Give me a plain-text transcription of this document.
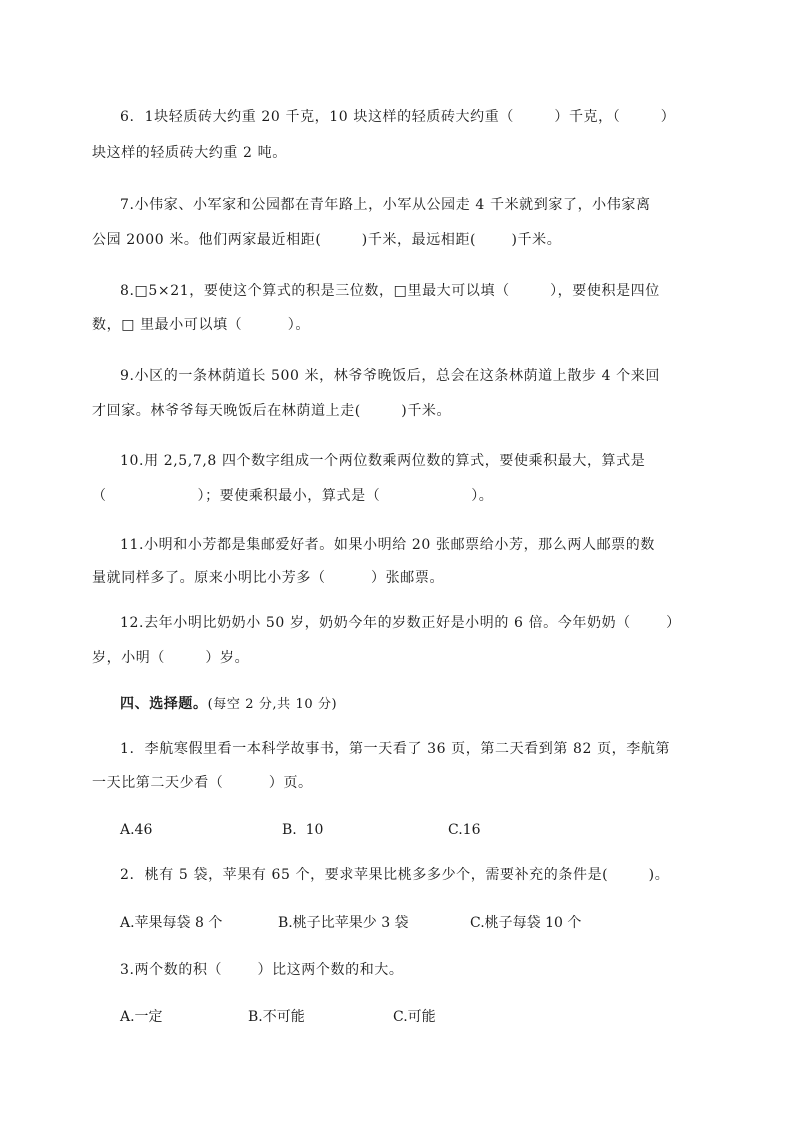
6.  1块轻质砖大约重 20 千克，10 块这样的轻质砖大约重（        ）千克，（        ）
块这样的轻质砖大约重 2 吨。
7.小伟家、小军家和公园都在青年路上，小军从公园走 4 千米就到家了，小伟家离
公园 2000 米。他们两家最近相距(        )千米，最远相距(       )千米。
8.□5×21，要使这个算式的积是三位数，□里最大可以填（        ），要使积是四位
数，□ 里最小可以填（         ）。
9.小区的一条林荫道长 500 米，林爷爷晚饭后，总会在这条林荫道上散步 4 个来回
才回家。林爷爷每天晚饭后在林荫道上走(        )千米。
10.用 2,5,7,8 四个数字组成一个两位数乘两位数的算式，要使乘积最大，算式是
（                  ）；要使乘积最小，算式是（                  ）。
11.小明和小芳都是集邮爱好者。如果小明给 20 张邮票给小芳，那么两人邮票的数
量就同样多了。原来小明比小芳多（         ）张邮票。
12.去年小明比奶奶小 50 岁，奶奶今年的岁数正好是小明的 6 倍。今年奶奶（       ）
岁，小明（        ）岁。
四、选择题。(每空 2 分,共 10 分)
1.  李航寒假里看一本科学故事书，第一天看了 36 页，第二天看到第 82 页，李航第
一天比第二天少看（         ）页。
A.46	B.  10	C.16
2.  桃有 5 袋，苹果有 65 个，要求苹果比桃多多少个，需要补充的条件是(        )。
A.苹果每袋 8 个	B.桃子比苹果少 3 袋	C.桃子每袋 10 个
3.两个数的积（       ）比这两个数的和大。
A.一定	B.不可能	C.可能
